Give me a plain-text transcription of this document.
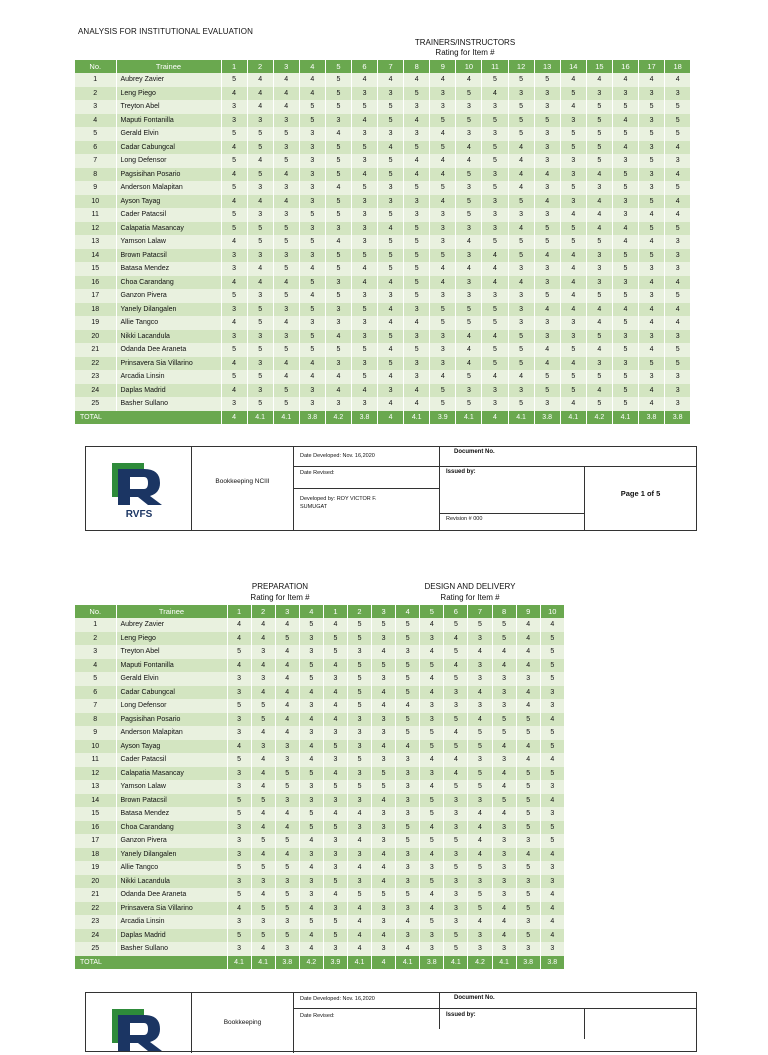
ANALYSIS FOR INSTITUTIONAL EVALUATION
TRAINERS/INSTRUCTORS
Rating for Item #
No.	Trainee	1	2	3	4	5	6	7	8	9	10	11	12	13	14	15	16	17	18
1	Aubrey Zavier	5	4	4	4	5	4	4	4	4	4	5	5	5	4	4	4	4	4
2	Leng Piego	4	4	4	4	5	3	3	5	3	5	4	3	3	5	3	3	3	3
3	Treyton Abel	3	4	4	5	5	5	5	3	3	3	3	5	3	4	5	5	5	5
4	Maputi Fontanilla	3	3	3	5	3	4	5	4	5	5	5	5	5	3	5	4	3	5
5	Gerald Elvin	5	5	5	3	4	3	3	3	4	3	3	5	3	5	5	5	5	5
6	Cadar Cabungcal	4	5	3	3	5	5	4	5	5	4	5	4	3	5	5	4	3	4
7	Long Defensor	5	4	5	3	5	3	5	4	4	4	5	4	3	3	5	3	5	3
8	Pagsisihan Posario	4	5	4	3	5	4	5	4	4	5	3	4	4	3	4	5	3	4
9	Anderson Malapitan	5	3	3	3	4	5	3	5	5	3	5	4	3	5	3	5	3	5
10	Ayson Tayag	4	4	4	3	5	3	3	3	4	5	3	5	4	3	4	3	5	4
11	Cader Patacsil	5	3	3	5	5	3	5	3	3	5	3	3	3	4	4	3	4	4
12	Calapatia Masancay	5	5	5	3	3	3	4	5	3	3	3	4	5	5	4	4	5	5
13	Yamson Lalaw	4	5	5	5	4	3	5	5	3	4	5	5	5	5	5	4	4	3
14	Brown Patacsil	3	3	3	3	5	5	5	5	5	3	4	5	4	4	3	5	5	3
15	Batasa Mendez	3	4	5	4	5	4	5	5	4	4	4	3	3	4	3	5	3	3
16	Choa Carandang	4	4	4	5	3	4	4	5	4	3	4	4	3	4	3	3	4	4
17	Ganzon Pivera	5	3	5	4	5	3	3	5	3	3	3	3	5	4	5	5	3	5
18	Yanely Dilangalen	3	5	3	5	3	5	4	3	5	5	5	3	4	4	4	4	4	4
19	Allie Tangco	4	5	4	3	3	3	4	4	5	5	5	3	3	3	4	5	4	4
20	Nikki Lacandula	3	3	3	5	4	3	5	3	3	4	4	5	3	3	5	3	3	3
21	Odanda Dee Araneta	5	5	5	5	5	5	4	5	3	4	5	5	4	5	4	5	4	5
22	Prinsavera Sia Villarino	4	3	4	4	3	3	5	3	3	4	5	5	4	4	3	3	5	5
23	Arcadia Linsin	5	5	4	4	4	5	4	3	4	5	4	4	5	5	5	5	3	3
24	Daplas Madrid	4	3	5	3	4	4	3	4	5	3	3	3	5	5	4	5	4	3
25	Basher Sullano	3	5	5	3	3	3	4	4	5	5	3	5	3	4	5	5	4	3
TOTAL		4	4.1	4.1	3.8	4.2	3.8	4	4.1	3.9	4.1	4	4.1	3.8	4.1	4.2	4.1	3.8	3.8
RVFS
Bookkeeping NCIII
Date Developed: Nov. 16,2020
Date Revised:
Developed by: ROY VICTOR F. SUMUGAT
Document No.
Issued by:
Revision # 000
Page 1 of 5
PREPARATION
Rating for Item #
DESIGN AND DELIVERY
Rating for Item #
No.	Trainee	1	2	3	4	1	2	3	4	5	6	7	8	9	10
1	Aubrey Zavier	4	4	4	5	4	5	5	5	4	5	5	5	4	4
2	Leng Piego	4	4	5	3	5	5	3	5	3	4	3	5	4	5
3	Treyton Abel	5	3	4	3	5	3	4	3	4	5	4	4	4	5
4	Maputi Fontanilla	4	4	4	5	4	5	5	5	5	4	3	4	4	5
5	Gerald Elvin	3	3	4	5	3	5	3	5	4	5	3	3	3	5
6	Cadar Cabungcal	3	4	4	4	4	5	4	5	4	3	4	3	4	3
7	Long Defensor	5	5	4	3	4	5	4	4	3	3	3	3	4	3
8	Pagsisihan Posario	3	5	4	4	4	3	3	5	3	5	4	5	5	4
9	Anderson Malapitan	3	4	4	3	3	3	3	5	5	4	5	5	5	5
10	Ayson Tayag	4	3	3	4	5	3	4	4	5	5	5	4	4	5
11	Cader Patacsil	5	4	3	4	3	5	3	3	4	4	3	3	4	4
12	Calapatia Masancay	3	4	5	5	4	3	5	3	3	4	5	4	5	5
13	Yamson Lalaw	3	4	5	3	5	5	5	3	4	5	5	4	5	3
14	Brown Patacsil	5	5	3	3	3	3	4	3	5	3	3	5	5	4
15	Batasa Mendez	5	4	4	5	4	4	3	3	5	3	4	4	5	3
16	Choa Carandang	3	4	4	5	5	3	3	5	4	3	4	3	5	5
17	Ganzon Pivera	3	5	5	4	3	4	3	5	5	5	4	3	3	5
18	Yanely Dilangalen	3	4	4	3	3	3	4	3	4	3	4	3	4	4
19	Allie Tangco	5	5	5	4	3	4	4	3	3	5	5	3	5	3
20	Nikki Lacandula	3	3	3	3	5	3	4	3	5	3	3	3	3	3
21	Odanda Dee Araneta	5	4	5	3	4	5	5	5	4	3	5	3	5	4
22	Prinsavera Sia Villarino	4	5	5	4	3	4	3	3	4	3	5	4	5	4
23	Arcadia Linsin	3	3	3	5	5	4	3	4	5	3	4	4	3	4
24	Daplas Madrid	5	5	5	4	5	4	4	3	3	5	3	4	5	4
25	Basher Sullano	3	4	3	4	3	4	3	4	3	5	3	3	3	3
TOTAL		4.1	4.1	3.8	4.2	3.9	4.1	4	4.1	3.8	4.1	4.2	4.1	3.8	3.8
Bookkeeping
Date Developed: Nov. 16,2020
Date Revised:
Document No.
Issued by:
